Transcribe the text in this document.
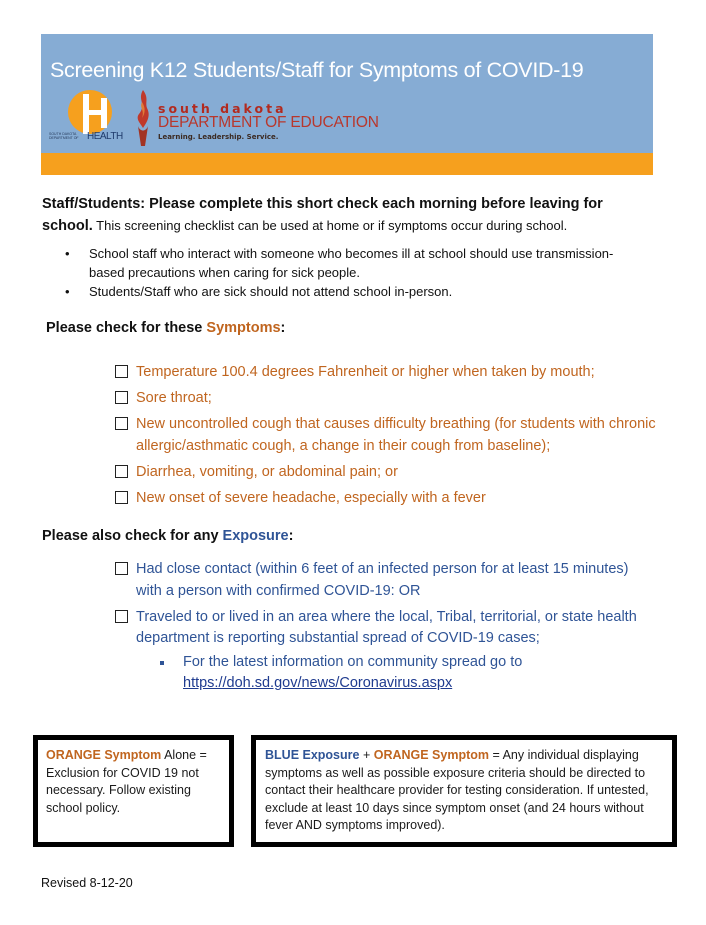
Screening K12 Students/Staff for Symptoms of COVID-19
SOUTH DAKOTA DEPARTMENT OF HEALTH
south dakota
DEPARTMENT OF EDUCATION
Learning. Leadership. Service.
Staff/Students: Please complete this short check each morning before leaving for school. This screening checklist can be used at home or if symptoms occur during school.
• School staff who interact with someone who becomes ill at school should use transmission-based precautions when caring for sick people.
• Students/Staff who are sick should not attend school in-person.
Please check for these Symptoms:
Temperature 100.4 degrees Fahrenheit or higher when taken by mouth;
Sore throat;
New uncontrolled cough that causes difficulty breathing (for students with chronic allergic/asthmatic cough, a change in their cough from baseline);
Diarrhea, vomiting, or abdominal pain; or
New onset of severe headache, especially with a fever
Please also check for any Exposure:
Had close contact (within 6 feet of an infected person for at least 15 minutes) with a person with confirmed COVID-19: OR
Traveled to or lived in an area where the local, Tribal, territorial, or state health department is reporting substantial spread of COVID-19 cases;
For the latest information on community spread go to
https://doh.sd.gov/news/Coronavirus.aspx
ORANGE Symptom Alone = Exclusion for COVID 19 not necessary. Follow existing school policy.
BLUE Exposure + ORANGE Symptom = Any individual displaying symptoms as well as possible exposure criteria should be directed to contact their healthcare provider for testing consideration. If untested, exclude at least 10 days since symptom onset (and 24 hours without fever AND symptoms improved).
Revised 8-12-20
